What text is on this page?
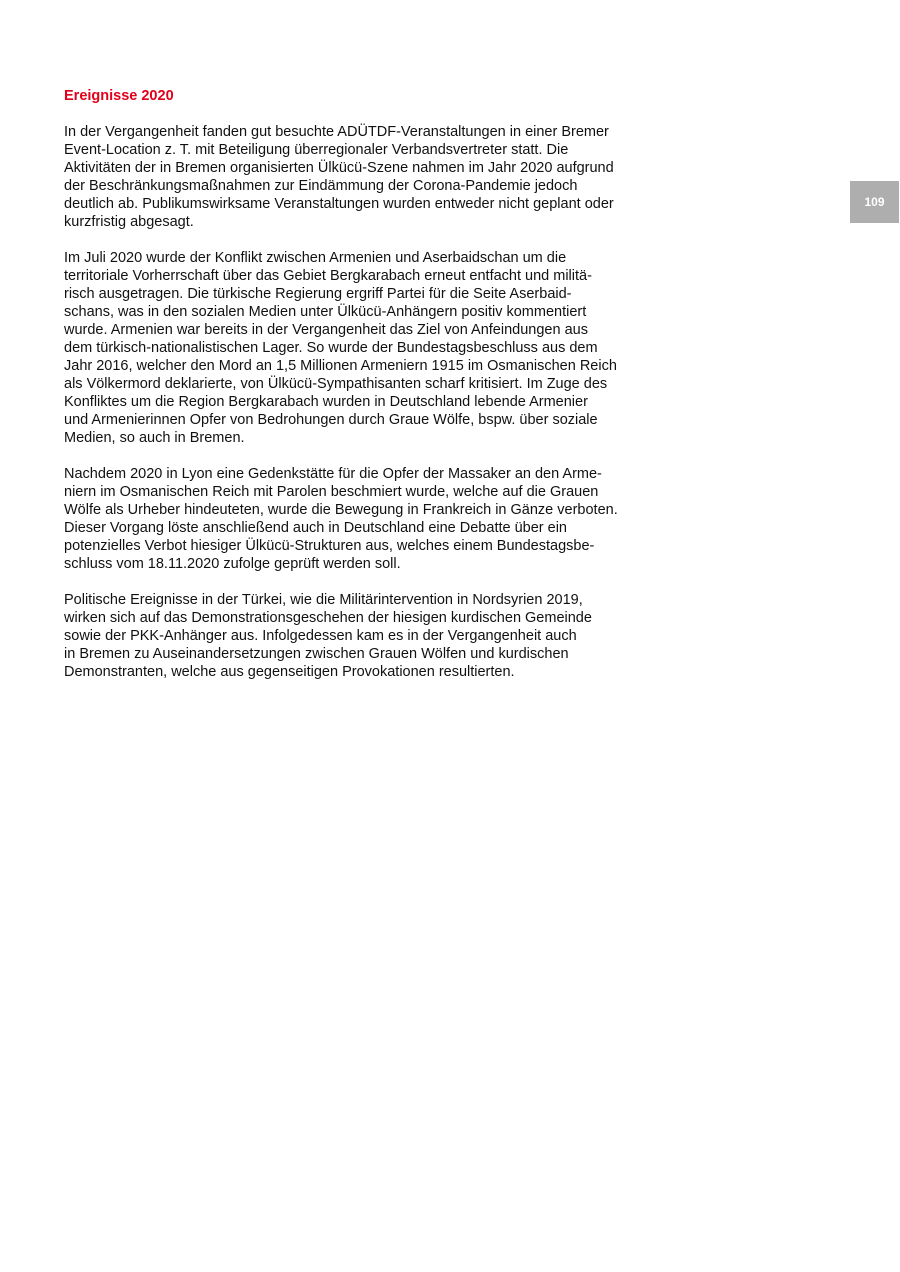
Ereignisse 2020
In der Vergangenheit fanden gut besuchte ADÜTDF-Veranstaltungen in einer Bremer
Event-Location z. T. mit Beteiligung überregionaler Verbandsvertreter statt. Die
Aktivitäten der in Bremen organisierten Ülkücü-Szene nahmen im Jahr 2020 aufgrund
der Beschränkungsmaßnahmen zur Eindämmung der Corona-Pandemie jedoch
deutlich ab. Publikumswirksame Veranstaltungen wurden entweder nicht geplant oder
kurzfristig abgesagt.
Im Juli 2020 wurde der Konflikt zwischen Armenien und Aserbaidschan um die
territoriale Vorherrschaft über das Gebiet Bergkarabach erneut entfacht und militä-
risch ausgetragen. Die türkische Regierung ergriff Partei für die Seite Aserbaid-
schans, was in den sozialen Medien unter Ülkücü-Anhängern positiv kommentiert
wurde. Armenien war bereits in der Vergangenheit das Ziel von Anfeindungen aus
dem türkisch-nationalistischen Lager. So wurde der Bundestagsbeschluss aus dem
Jahr 2016, welcher den Mord an 1,5 Millionen Armeniern 1915 im Osmanischen Reich
als Völkermord deklarierte, von Ülkücü-Sympathisanten scharf kritisiert. Im Zuge des
Konfliktes um die Region Bergkarabach wurden in Deutschland lebende Armenier
und Armenierinnen Opfer von Bedrohungen durch Graue Wölfe, bspw. über soziale
Medien, so auch in Bremen.
Nachdem 2020 in Lyon eine Gedenkstätte für die Opfer der Massaker an den Arme-
niern im Osmanischen Reich mit Parolen beschmiert wurde, welche auf die Grauen
Wölfe als Urheber hindeuteten, wurde die Bewegung in Frankreich in Gänze verboten.
Dieser Vorgang löste anschließend auch in Deutschland eine Debatte über ein
potenzielles Verbot hiesiger Ülkücü-Strukturen aus, welches einem Bundestagsbe-
schluss vom 18.11.2020 zufolge geprüft werden soll.
Politische Ereignisse in der Türkei, wie die Militärintervention in Nordsyrien 2019,
wirken sich auf das Demonstrationsgeschehen der hiesigen kurdischen Gemeinde
sowie der PKK-Anhänger aus. Infolgedessen kam es in der Vergangenheit auch
in Bremen zu Auseinandersetzungen zwischen Grauen Wölfen und kurdischen
Demonstranten, welche aus gegenseitigen Provokationen resultierten.
109
